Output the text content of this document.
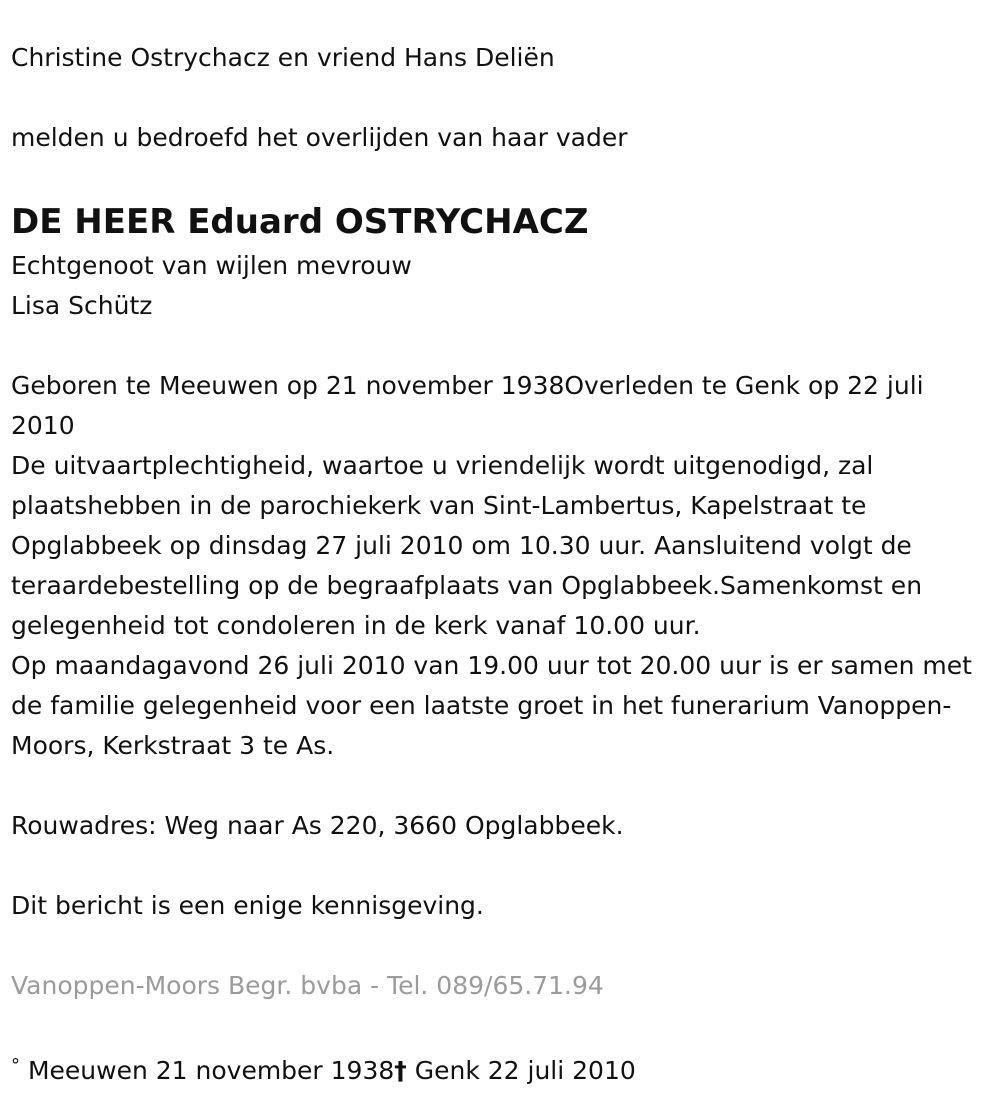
Christine Ostrychacz en vriend Hans Deliën

melden u bedroefd het overlijden van haar vader

DE HEER Eduard OSTRYCHACZ

Echtgenoot van wijlen mevrouw

Lisa Schütz

Geboren te Meeuwen op 21 november 1938Overleden te Genk op 22 juli 2010

De uitvaartplechtigheid, waartoe u vriendelijk wordt uitgenodigd, zal plaatshebben in de parochiekerk van Sint-Lambertus, Kapelstraat te Opglabbeek op dinsdag 27 juli 2010 om 10.30 uur. Aansluitend volgt de teraardebestelling op de begraafplaats van Opglabbeek.Samenkomst en gelegenheid tot condoleren in de kerk vanaf 10.00 uur.

Op maandagavond 26 juli 2010 van 19.00 uur tot 20.00 uur is er samen met de familie gelegenheid voor een laatste groet in het funerarium Vanoppen-Moors, Kerkstraat 3 te As.

Rouwadres: Weg naar As 220, 3660 Opglabbeek.

Dit bericht is een enige kennisgeving.

Vanoppen-Moors Begr. bvba - Tel. 089/65.71.94

° Meeuwen 21 november 1938† Genk 22 juli 2010
